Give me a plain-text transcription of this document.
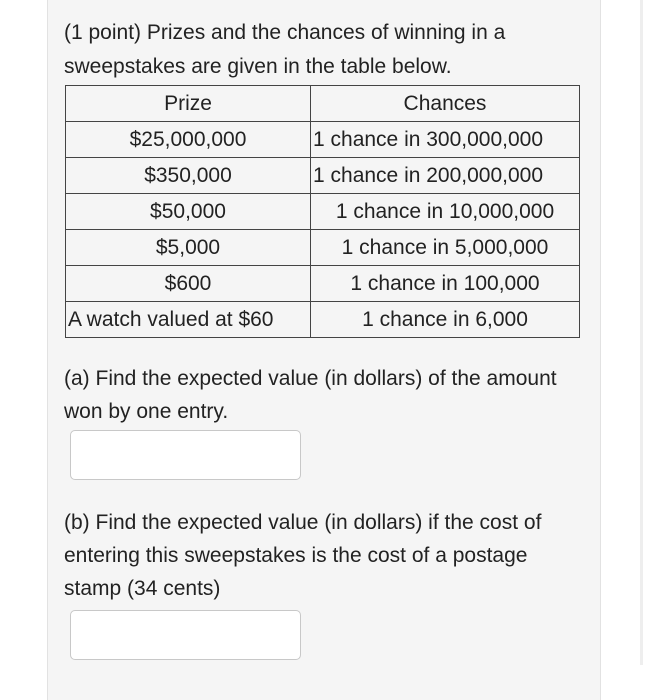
(1 point) Prizes and the chances of winning in a sweepstakes are given in the table below.

Prize	Chances
$25,000,000	1 chance in 300,000,000
$350,000	1 chance in 200,000,000
$50,000	1 chance in 10,000,000
$5,000	1 chance in 5,000,000
$600	1 chance in 100,000
A watch valued at $60	1 chance in 6,000

(a) Find the expected value (in dollars) of the amount won by one entry.

(b) Find the expected value (in dollars) if the cost of entering this sweepstakes is the cost of a postage stamp (34 cents)
